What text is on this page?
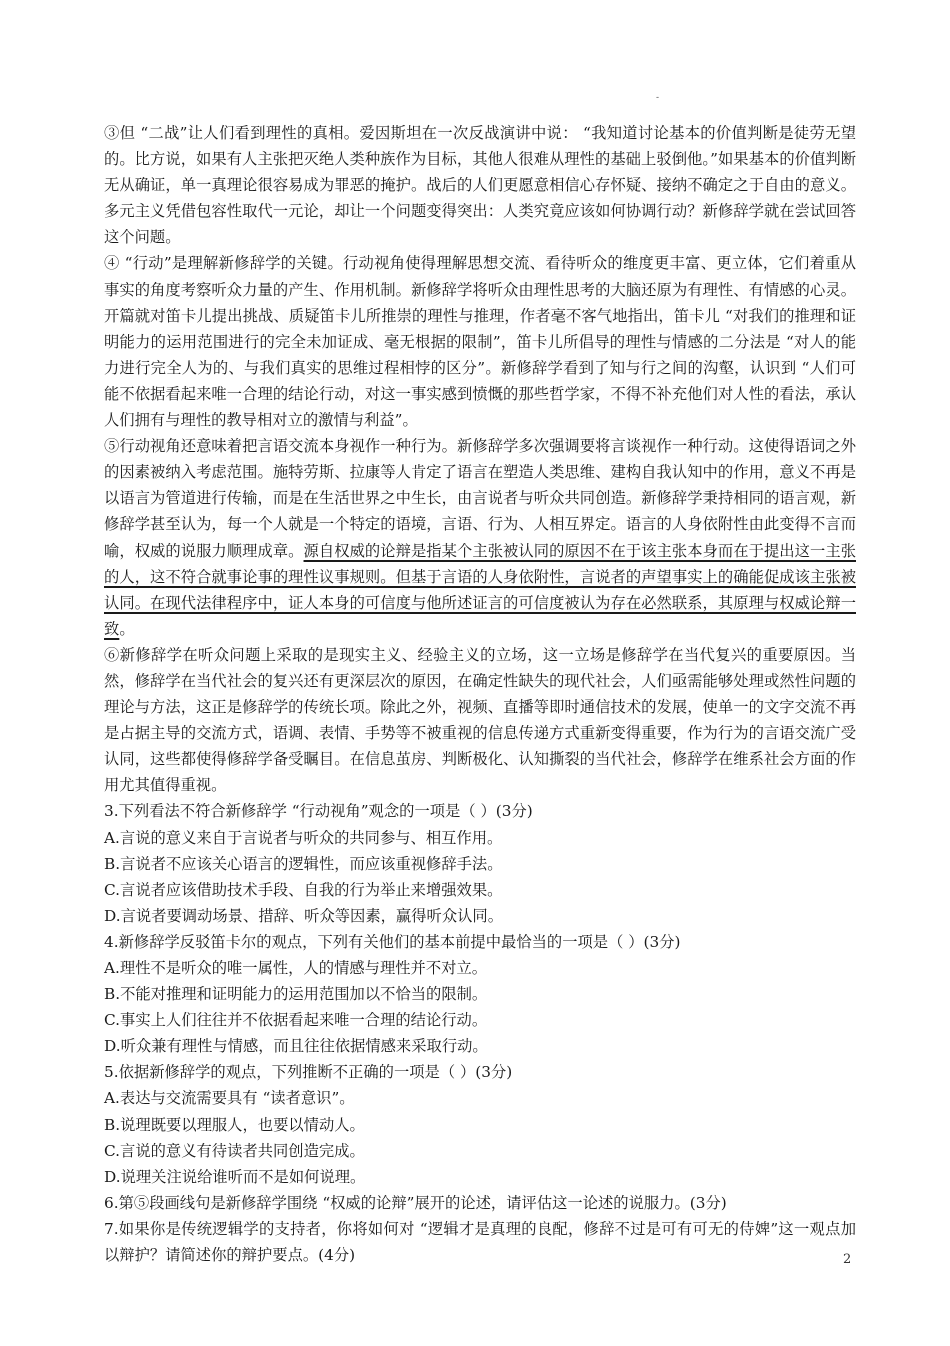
-

③但 “二战”让人们看到理性的真相。爱因斯坦在一次反战演讲中说： “我知道讨论基本的价值判断是徒劳无望的。比方说，如果有人主张把灭绝人类种族作为目标，其他人很难从理性的基础上驳倒他。”如果基本的价值判断无从确证，单一真理论很容易成为罪恶的掩护。战后的人们更愿意相信心存怀疑、接纳不确定之于自由的意义。多元主义凭借包容性取代一元论，却让一个问题变得突出：人类究竟应该如何协调行动？新修辞学就在尝试回答这个问题。

④ “行动”是理解新修辞学的关键。行动视角使得理解思想交流、看待听众的维度更丰富、更立体，它们着重从事实的角度考察听众力量的产生、作用机制。新修辞学将听众由理性思考的大脑还原为有理性、有情感的心灵。开篇就对笛卡儿提出挑战、质疑笛卡儿所推崇的理性与推理，作者毫不客气地指出，笛卡儿 “对我们的推理和证明能力的运用范围进行的完全未加证成、毫无根据的限制”，笛卡儿所倡导的理性与情感的二分法是 “对人的能力进行完全人为的、与我们真实的思维过程相悖的区分”。新修辞学看到了知与行之间的沟壑，认识到 “人们可能不依据看起来唯一合理的结论行动，对这一事实感到愤慨的那些哲学家，不得不补充他们对人性的看法，承认人们拥有与理性的教导相对立的激情与利益”。

⑤行动视角还意味着把言语交流本身视作一种行为。新修辞学多次强调要将言谈视作一种行动。这使得语词之外的因素被纳入考虑范围。施特劳斯、拉康等人肯定了语言在塑造人类思维、建构自我认知中的作用，意义不再是以语言为管道进行传输，而是在生活世界之中生长，由言说者与听众共同创造。新修辞学秉持相同的语言观，新修辞学甚至认为，每一个人就是一个特定的语境，言语、行为、人相互界定。语言的人身依附性由此变得不言而喻，权威的说服力顺理成章。源自权威的论辩是指某个主张被认同的原因不在于该主张本身而在于提出这一主张的人，这不符合就事论事的理性议事规则。但基于言语的人身依附性，言说者的声望事实上的确能促成该主张被认同。在现代法律程序中，证人本身的可信度与他所述证言的可信度被认为存在必然联系，其原理与权威论辩一致。

⑥新修辞学在听众问题上采取的是现实主义、经验主义的立场，这一立场是修辞学在当代复兴的重要原因。当然，修辞学在当代社会的复兴还有更深层次的原因，在确定性缺失的现代社会，人们亟需能够处理或然性问题的理论与方法，这正是修辞学的传统长项。除此之外，视频、直播等即时通信技术的发展，使单一的文字交流不再是占据主导的交流方式，语调、表情、手势等不被重视的信息传递方式重新变得重要，作为行为的言语交流广受认同，这些都使得修辞学备受瞩目。在信息茧房、判断极化、认知撕裂的当代社会，修辞学在维系社会方面的作用尤其值得重视。

3.下列看法不符合新修辞学 “行动视角”观念的一项是（ ）(3分)

A.言说的意义来自于言说者与听众的共同参与、相互作用。

B.言说者不应该关心语言的逻辑性，而应该重视修辞手法。

C.言说者应该借助技术手段、自我的行为举止来增强效果。

D.言说者要调动场景、措辞、听众等因素，赢得听众认同。

4.新修辞学反驳笛卡尔的观点，下列有关他们的基本前提中最恰当的一项是（ ）(3分)

A.理性不是听众的唯一属性，人的情感与理性并不对立。

B.不能对推理和证明能力的运用范围加以不恰当的限制。

C.事实上人们往往并不依据看起来唯一合理的结论行动。

D.听众兼有理性与情感，而且往往依据情感来采取行动。

5.依据新修辞学的观点，下列推断不正确的一项是（ ）(3分)

A.表达与交流需要具有 “读者意识”。

B.说理既要以理服人，也要以情动人。

C.言说的意义有待读者共同创造完成。

D.说理关注说给谁听而不是如何说理。

6.第⑤段画线句是新修辞学围绕 “权威的论辩”展开的论述，请评估这一论述的说服力。(3分)

7.如果你是传统逻辑学的支持者，你将如何对 “逻辑才是真理的良配，修辞不过是可有可无的侍婢”这一观点加以辩护？请简述你的辩护要点。(4分)	2
